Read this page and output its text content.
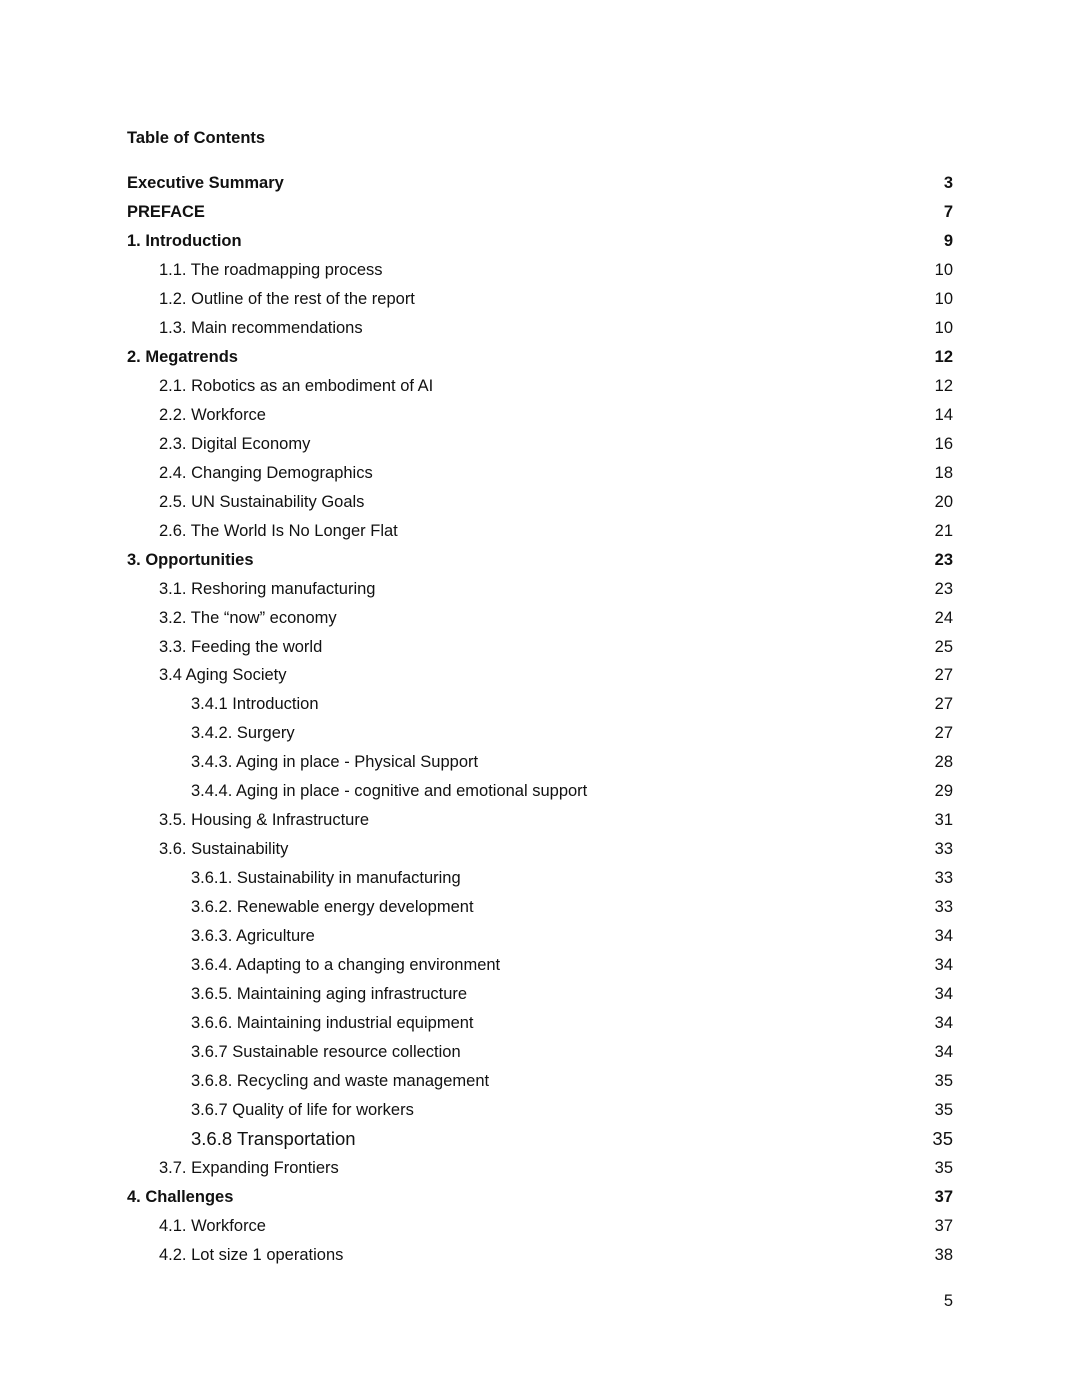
Table of Contents
Executive Summary	3
PREFACE	7
1. Introduction	9
1.1. The roadmapping process	10
1.2. Outline of the rest of the report	10
1.3. Main recommendations	10
2. Megatrends	12
2.1. Robotics as an embodiment of AI	12
2.2. Workforce	14
2.3. Digital Economy	16
2.4. Changing Demographics	18
2.5. UN Sustainability Goals	20
2.6. The World Is No Longer Flat	21
3. Opportunities	23
3.1. Reshoring manufacturing	23
3.2. The “now” economy	24
3.3. Feeding the world	25
3.4 Aging Society	27
3.4.1 Introduction	27
3.4.2. Surgery	27
3.4.3. Aging in place - Physical Support	28
3.4.4. Aging in place - cognitive and emotional support	29
3.5. Housing & Infrastructure	31
3.6. Sustainability	33
3.6.1. Sustainability in manufacturing	33
3.6.2. Renewable energy development	33
3.6.3. Agriculture	34
3.6.4. Adapting to a changing environment	34
3.6.5. Maintaining aging infrastructure	34
3.6.6. Maintaining industrial equipment	34
3.6.7 Sustainable resource collection	34
3.6.8. Recycling and waste management	35
3.6.7 Quality of life for workers	35
3.6.8 Transportation	35
3.7. Expanding Frontiers	35
4. Challenges	37
4.1. Workforce	37
4.2. Lot size 1 operations	38
5
